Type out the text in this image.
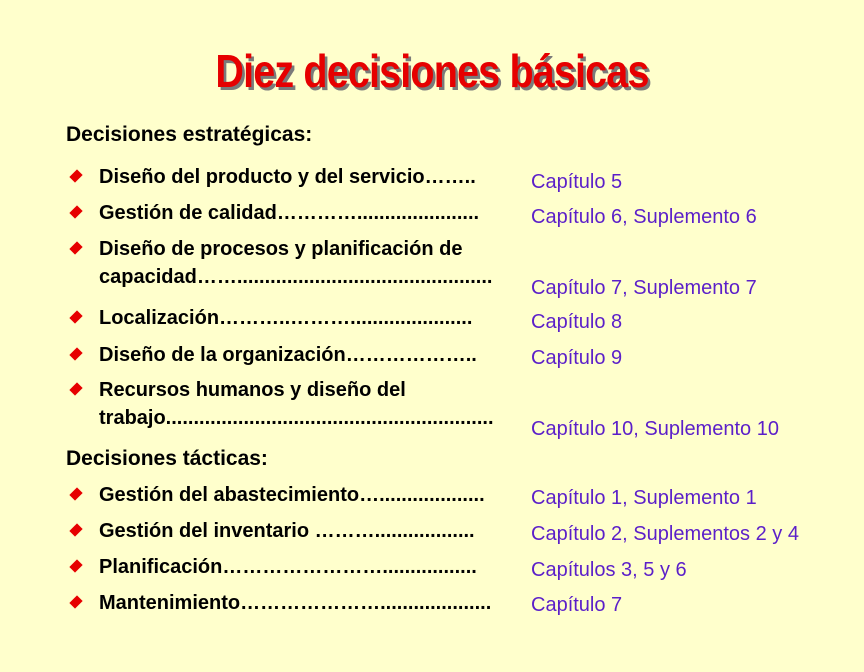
Diez decisiones básicas
Decisiones estratégicas:
Diseño del producto y del servicio……..	Capítulo 5
Gestión de calidad…………......................	Capítulo 6, Suplemento 6
Diseño de procesos y planificación de capacidad……..............................................	Capítulo 7, Suplemento 7
Localización………..………......................	Capítulo 8
Diseño de la organización………………..	Capítulo 9
Recursos humanos y diseño del trabajo...........................................................	Capítulo 10, Suplemento 10
Decisiones tácticas:
Gestión del abastecimiento…...................	Capítulo 1, Suplemento 1
Gestión del inventario ………..................	Capítulo 2, Suplementos 2 y 4
Planificación…………………….................	Capítulos 3, 5 y 6
Mantenimiento…………………....................	Capítulo 7
